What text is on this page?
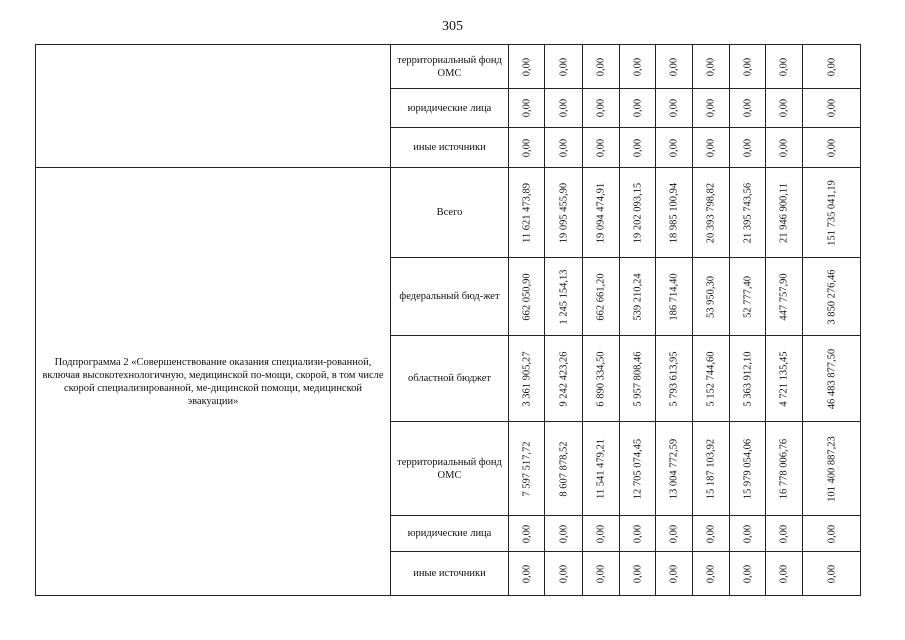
305
	территориальный фонд ОМС	0,00	0,00	0,00	0,00	0,00	0,00	0,00	0,00	0,00

	юридические лица	0,00	0,00	0,00	0,00	0,00	0,00	0,00	0,00	0,00

	иные источники	0,00	0,00	0,00	0,00	0,00	0,00	0,00	0,00	0,00

Подпрограмма 2 «Совершенствование оказания специализи-рованной, включая высокотехнологичную, медицинской по-мощи, скорой, в том числе скорой специализированной, ме-дицинской помощи, медицинской эвакуации»	Всего	11 621 473,89	19 095 455,90	19 094 474,91	19 202 093,15	18 985 100,94	20 393 798,82	21 395 743,56	21 946 900,11	151 735 041,19

	федеральный бюд-жет	662 050,90	1 245 154,13	662 661,20	539 210,24	186 714,40	53 950,30	52 777,40	447 757,90	3 850 276,46

	областной бюджет	3 361 905,27	9 242 423,26	6 890 334,50	5 957 808,46	5 793 613,95	5 152 744,60	5 363 912,10	4 721 135,45	46 483 877,50

	территориальный фонд ОМС	7 597 517,72	8 607 878,52	11 541 479,21	12 705 074,45	13 004 772,59	15 187 103,92	15 979 054,06	16 778 006,76	101 400 887,23

	юридические лица	0,00	0,00	0,00	0,00	0,00	0,00	0,00	0,00	0,00

	иные источники	0,00	0,00	0,00	0,00	0,00	0,00	0,00	0,00	0,00
